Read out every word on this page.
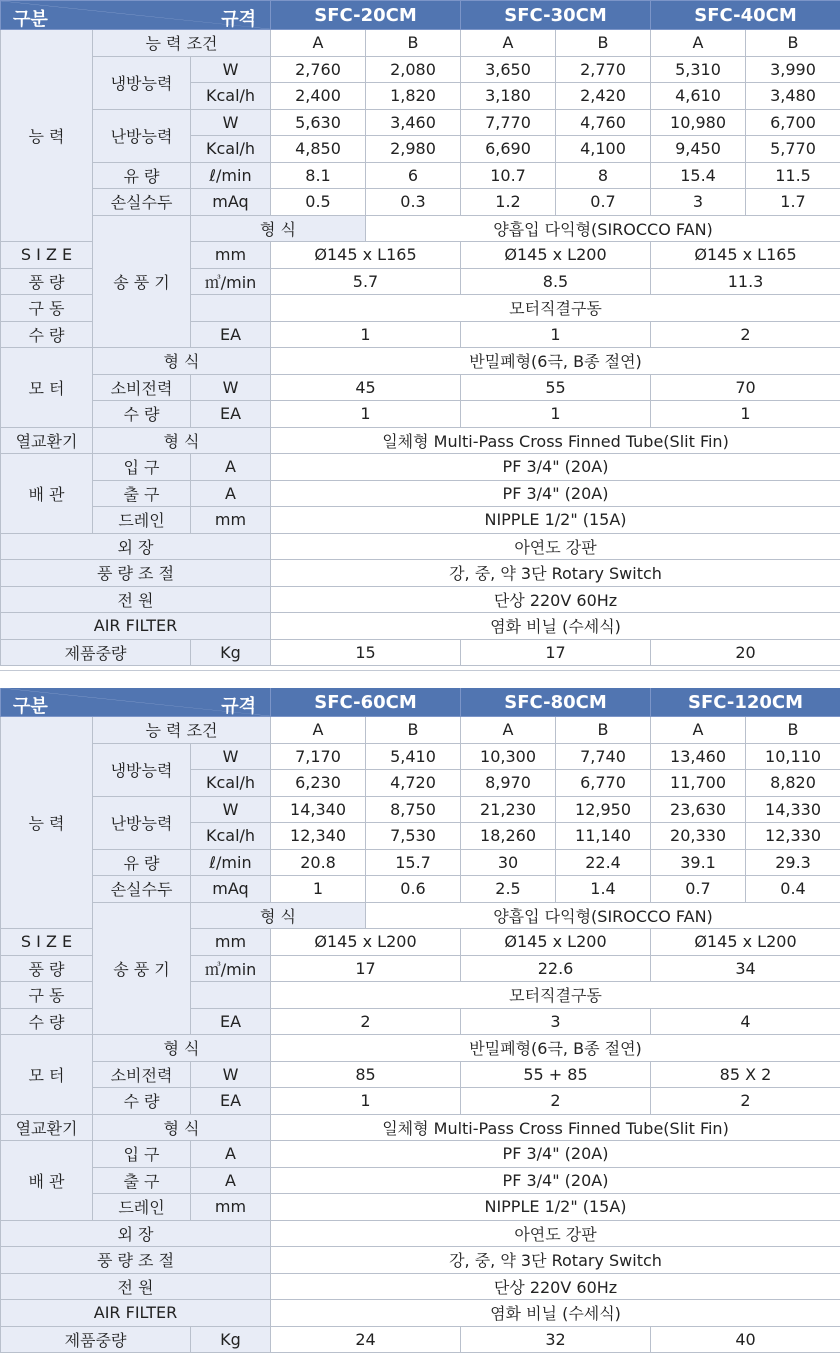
구분 규격			SFC-20CM		SFC-30CM		SFC-40CM	
능 력	능 력 조건		A	B	A	B	A	B
	냉방능력	W	2,760	2,080	3,650	2,770	5,310	3,990
		Kcal/h	2,400	1,820	3,180	2,420	4,610	3,480
	난방능력	W	5,630	3,460	7,770	4,760	10,980	6,700
		Kcal/h	4,850	2,980	6,690	4,100	9,450	5,770
	유 량	ℓ/min	8.1	6	10.7	8	15.4	11.5
	손실수두	mAq	0.5	0.3	1.2	0.7	3	1.7
	송 풍 기	형 식		양흡입 다익형(SIROCCO FAN)				
S I Z E		mm	Ø145 x L165		Ø145 x L200		Ø145 x L165	
풍 량		㎥/min	5.7		8.5		11.3	
구 동			모터직결구동					
수 량		EA	1		1		2	
모 터	형 식		반밀폐형(6극, B종 절연)					
	소비전력	W	45		55		70	
	수 량	EA	1		1		1	
열교환기	형 식		일체형 Multi-Pass Cross Finned Tube(Slit Fin)					
배 관	입 구	A	PF 3/4" (20A)					
	출 구	A	PF 3/4" (20A)					
	드레인	mm	NIPPLE 1/2" (15A)					
외 장			아연도 강판					
풍 량 조 절			강, 중, 약 3단 Rotary Switch					
전 원			단상 220V 60Hz					
AIR FILTER			염화 비닐 (수세식)					
제품중량		Kg	15		17		20	
구분 규격			SFC-60CM		SFC-80CM		SFC-120CM	
능 력	능 력 조건		A	B	A	B	A	B
	냉방능력	W	7,170	5,410	10,300	7,740	13,460	10,110
		Kcal/h	6,230	4,720	8,970	6,770	11,700	8,820
	난방능력	W	14,340	8,750	21,230	12,950	23,630	14,330
		Kcal/h	12,340	7,530	18,260	11,140	20,330	12,330
	유 량	ℓ/min	20.8	15.7	30	22.4	39.1	29.3
	손실수두	mAq	1	0.6	2.5	1.4	0.7	0.4
	송 풍 기	형 식		양흡입 다익형(SIROCCO FAN)				
S I Z E		mm	Ø145 x L200		Ø145 x L200		Ø145 x L200	
풍 량		㎥/min	17		22.6		34	
구 동			모터직결구동					
수 량		EA	2		3		4	
모 터	형 식		반밀폐형(6극, B종 절연)					
	소비전력	W	85		55 + 85		85 X 2	
	수 량	EA	1		2		2	
열교환기	형 식		일체형 Multi-Pass Cross Finned Tube(Slit Fin)					
배 관	입 구	A	PF 3/4" (20A)					
	출 구	A	PF 3/4" (20A)					
	드레인	mm	NIPPLE 1/2" (15A)					
외 장			아연도 강판					
풍 량 조 절			강, 중, 약 3단 Rotary Switch					
전 원			단상 220V 60Hz					
AIR FILTER			염화 비닐 (수세식)					
제품중량		Kg	24		32		40	
